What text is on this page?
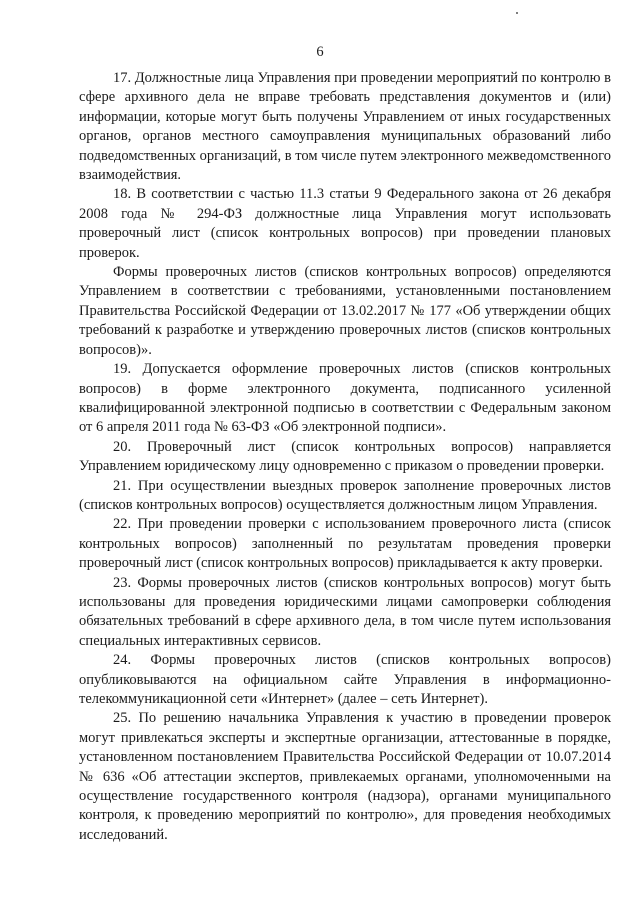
6

17. Должностные лица Управления при проведении мероприятий по контролю в сфере архивного дела не вправе требовать представления документов и (или) информации, которые могут быть получены Управлением от иных государственных органов, органов местного самоуправления муниципальных образований либо подведомственных организаций, в том числе путем электронного межведомственного взаимодействия.

18. В соответствии с частью 11.3 статьи 9 Федерального закона от 26 декабря 2008 года № 294-ФЗ должностные лица Управления могут использовать проверочный лист (список контрольных вопросов) при проведении плановых проверок.

Формы проверочных листов (списков контрольных вопросов) определяются Управлением в соответствии с требованиями, установленными постановлением Правительства Российской Федерации от 13.02.2017 № 177 «Об утверждении общих требований к разработке и утверждению проверочных листов (списков контрольных вопросов)».

19. Допускается оформление проверочных листов (списков контрольных вопросов) в форме электронного документа, подписанного усиленной квалифицированной электронной подписью в соответствии с Федеральным законом от 6 апреля 2011 года № 63-ФЗ «Об электронной подписи».

20. Проверочный лист (список контрольных вопросов) направляется Управлением юридическому лицу одновременно с приказом о проведении проверки.

21. При осуществлении выездных проверок заполнение проверочных листов (списков контрольных вопросов) осуществляется должностным лицом Управления.

22. При проведении проверки с использованием проверочного листа (список контрольных вопросов) заполненный по результатам проведения проверки проверочный лист (список контрольных вопросов) прикладывается к акту проверки.

23. Формы проверочных листов (списков контрольных вопросов) могут быть использованы для проведения юридическими лицами самопроверки соблюдения обязательных требований в сфере архивного дела, в том числе путем использования специальных интерактивных сервисов.

24. Формы проверочных листов (списков контрольных вопросов) опубликовываются на официальном сайте Управления в информационно-телекоммуникационной сети «Интернет» (далее – сеть Интернет).

25. По решению начальника Управления к участию в проведении проверок могут привлекаться эксперты и экспертные организации, аттестованные в порядке, установленном постановлением Правительства Российской Федерации от 10.07.2014 № 636 «Об аттестации экспертов, привлекаемых органами, уполномоченными на осуществление государственного контроля (надзора), органами муниципального контроля, к проведению мероприятий по контролю», для проведения необходимых исследований.
